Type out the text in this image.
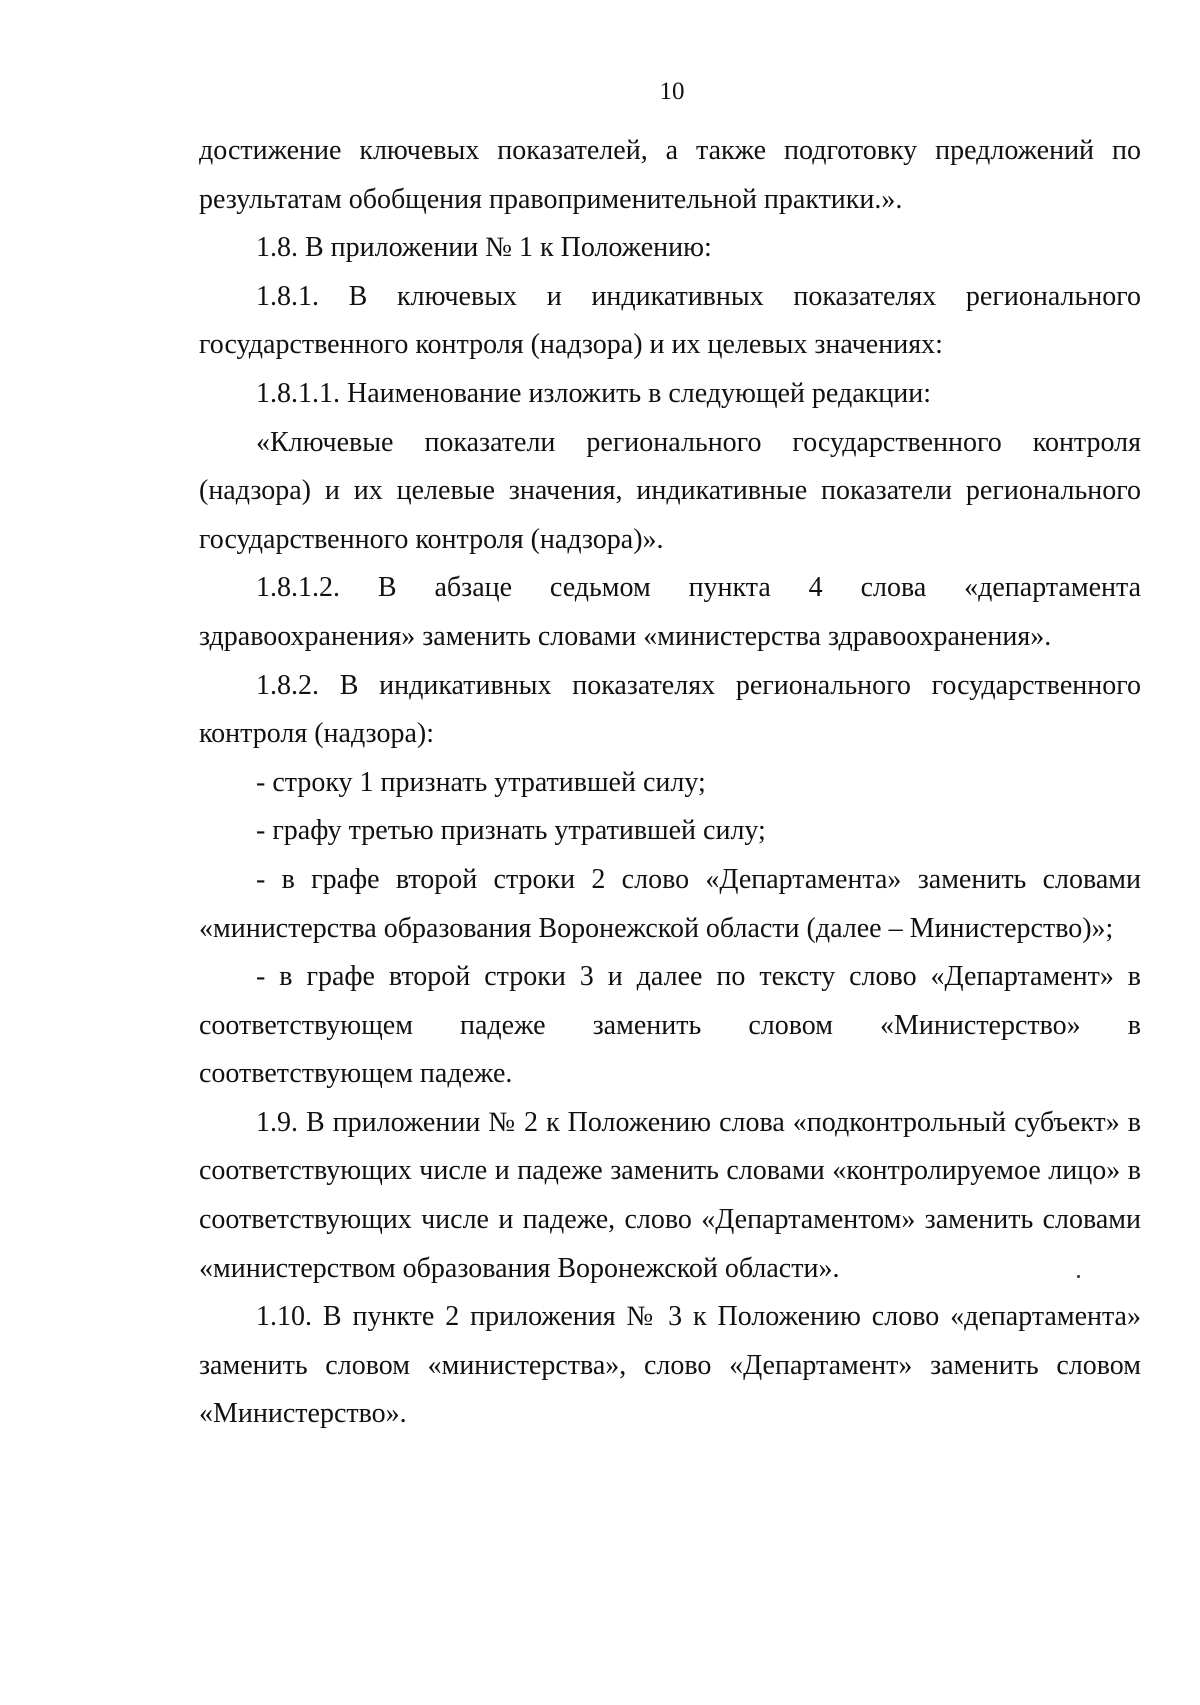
10

достижение ключевых показателей, а также подготовку предложений по результатам обобщения правоприменительной практики.».

1.8. В приложении № 1 к Положению:

1.8.1. В ключевых и индикативных показателях регионального государственного контроля (надзора) и их целевых значениях:

1.8.1.1. Наименование изложить в следующей редакции:

«Ключевые показатели регионального государственного контроля (надзора) и их целевые значения, индикативные показатели регионального государственного контроля (надзора)».

1.8.1.2. В абзаце седьмом пункта 4 слова «департамента здравоохранения» заменить словами «министерства здравоохранения».

1.8.2. В индикативных показателях регионального государственного контроля (надзора):

- строку 1 признать утратившей силу;

- графу третью признать утратившей силу;

- в графе второй строки 2 слово «Департамента» заменить словами «министерства образования Воронежской области (далее – Министерство)»;

- в графе второй строки 3 и далее по тексту слово «Департамент» в соответствующем падеже заменить словом «Министерство» в соответствующем падеже.

1.9. В приложении № 2 к Положению слова «подконтрольный субъект» в соответствующих числе и падеже заменить словами «контролируемое лицо» в соответствующих числе и падеже, слово «Департаментом» заменить словами «министерством образования Воронежской области».

1.10. В пункте 2 приложения № 3 к Положению слово «департамента» заменить словом «министерства», слово «Департамент» заменить словом «Министерство».
